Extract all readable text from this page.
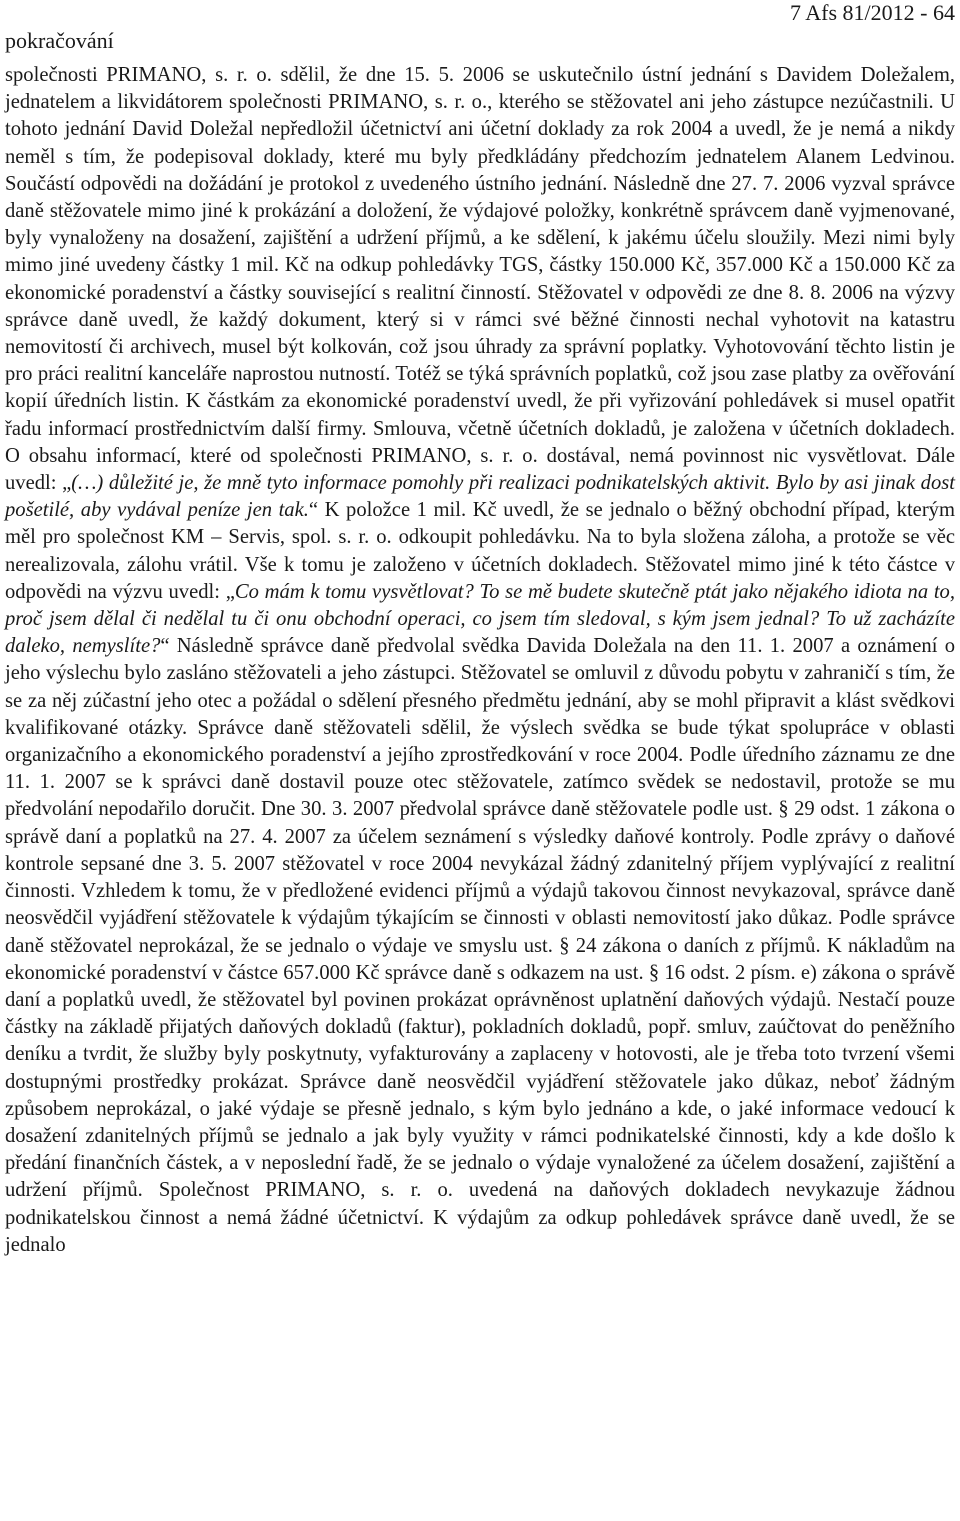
pokračování
7 Afs 81/2012 - 64

společnosti PRIMANO, s. r. o. sdělil, že dne 15. 5. 2006 se uskutečnilo ústní jednání s Davidem Doležalem, jednatelem a likvidátorem společnosti PRIMANO, s. r. o., kterého se stěžovatel ani jeho zástupce nezúčastnili. U tohoto jednání David Doležal nepředložil účetnictví ani účetní doklady za rok 2004 a uvedl, že je nemá a nikdy neměl s tím, že podepisoval doklady, které mu byly předkládány předchozím jednatelem Alanem Ledvinou. Součástí odpovědi na dožádání je protokol z uvedeného ústního jednání. Následně dne 27. 7. 2006 vyzval správce daně stěžovatele mimo jiné k prokázání a doložení, že výdajové položky, konkrétně správcem daně vyjmenované, byly vynaloženy na dosažení, zajištění a udržení příjmů, a ke sdělení, k jakému účelu sloužily. Mezi nimi byly mimo jiné uvedeny částky 1 mil. Kč na odkup pohledávky TGS, částky 150.000 Kč, 357.000 Kč a 150.000 Kč za ekonomické poradenství a částky související s realitní činností. Stěžovatel v odpovědi ze dne 8. 8. 2006 na výzvy správce daně uvedl, že každý dokument, který si v rámci své běžné činnosti nechal vyhotovit na katastru nemovitostí či archivech, musel být kolkován, což jsou úhrady za správní poplatky. Vyhotovování těchto listin je pro práci realitní kanceláře naprostou nutností. Totéž se týká správních poplatků, což jsou zase platby za ověřování kopií úředních listin. K částkám za ekonomické poradenství uvedl, že při vyřizování pohledávek si musel opatřit řadu informací prostřednictvím další firmy. Smlouva, včetně účetních dokladů, je založena v účetních dokladech. O obsahu informací, které od společnosti PRIMANO, s. r. o. dostával, nemá povinnost nic vysvětlovat. Dále uvedl: „(…) důležité je, že mně tyto informace pomohly při realizaci podnikatelských aktivit. Bylo by asi jinak dost pošetilé, aby vydával peníze jen tak.“ K položce 1 mil. Kč uvedl, že se jednalo o běžný obchodní případ, kterým měl pro společnost KM – Servis, spol. s. r. o. odkoupit pohledávku. Na to byla složena záloha, a protože se věc nerealizovala, zálohu vrátil. Vše k tomu je založeno v účetních dokladech. Stěžovatel mimo jiné k této částce v odpovědi na výzvu uvedl: „Co mám k tomu vysvětlovat? To se mě budete skutečně ptát jako nějakého idiota na to, proč jsem dělal či nedělal tu či onu obchodní operaci, co jsem tím sledoval, s kým jsem jednal? To už zacházíte daleko, nemyslíte?“ Následně správce daně předvolal svědka Davida Doležala na den 11. 1. 2007 a oznámení o jeho výslechu bylo zasláno stěžovateli a jeho zástupci. Stěžovatel se omluvil z důvodu pobytu v zahraničí s tím, že se za něj zúčastní jeho otec a požádal o sdělení přesného předmětu jednání, aby se mohl připravit a klást svědkovi kvalifikované otázky. Správce daně stěžovateli sdělil, že výslech svědka se bude týkat spolupráce v oblasti organizačního a ekonomického poradenství a jejího zprostředkování v roce 2004. Podle úředního záznamu ze dne 11. 1. 2007 se k správci daně dostavil pouze otec stěžovatele, zatímco svědek se nedostavil, protože se mu předvolání nepodařilo doručit. Dne 30. 3. 2007 předvolal správce daně stěžovatele podle ust. § 29 odst. 1 zákona o správě daní a poplatků na 27. 4. 2007 za účelem seznámení s výsledky daňové kontroly. Podle zprávy o daňové kontrole sepsané dne 3. 5. 2007 stěžovatel v roce 2004 nevykázal žádný zdanitelný příjem vyplývající z realitní činnosti. Vzhledem k tomu, že v předložené evidenci příjmů a výdajů takovou činnost nevykazoval, správce daně neosvědčil vyjádření stěžovatele k výdajům týkajícím se činnosti v oblasti nemovitostí jako důkaz. Podle správce daně stěžovatel neprokázal, že se jednalo o výdaje ve smyslu ust. § 24 zákona o daních z příjmů. K nákladům na ekonomické poradenství v částce 657.000 Kč správce daně s odkazem na ust. § 16 odst. 2 písm. e) zákona o správě daní a poplatků uvedl, že stěžovatel byl povinen prokázat oprávněnost uplatnění daňových výdajů. Nestačí pouze částky na základě přijatých daňových dokladů (faktur), pokladních dokladů, popř. smluv, zaúčtovat do peněžního deníku a tvrdit, že služby byly poskytnuty, vyfakturovány a zaplaceny v hotovosti, ale je třeba toto tvrzení všemi dostupnými prostředky prokázat. Správce daně neosvědčil vyjádření stěžovatele jako důkaz, neboť žádným způsobem neprokázal, o jaké výdaje se přesně jednalo, s kým bylo jednáno a kde, o jaké informace vedoucí k dosažení zdanitelných příjmů se jednalo a jak byly využity v rámci podnikatelské činnosti, kdy a kde došlo k předání finančních částek, a v neposlední řadě, že se jednalo o výdaje vynaložené za účelem dosažení, zajištění a udržení příjmů. Společnost PRIMANO, s. r. o. uvedená na daňových dokladech nevykazuje žádnou podnikatelskou činnost a nemá žádné účetnictví. K výdajům za odkup pohledávek správce daně uvedl, že se jednalo
